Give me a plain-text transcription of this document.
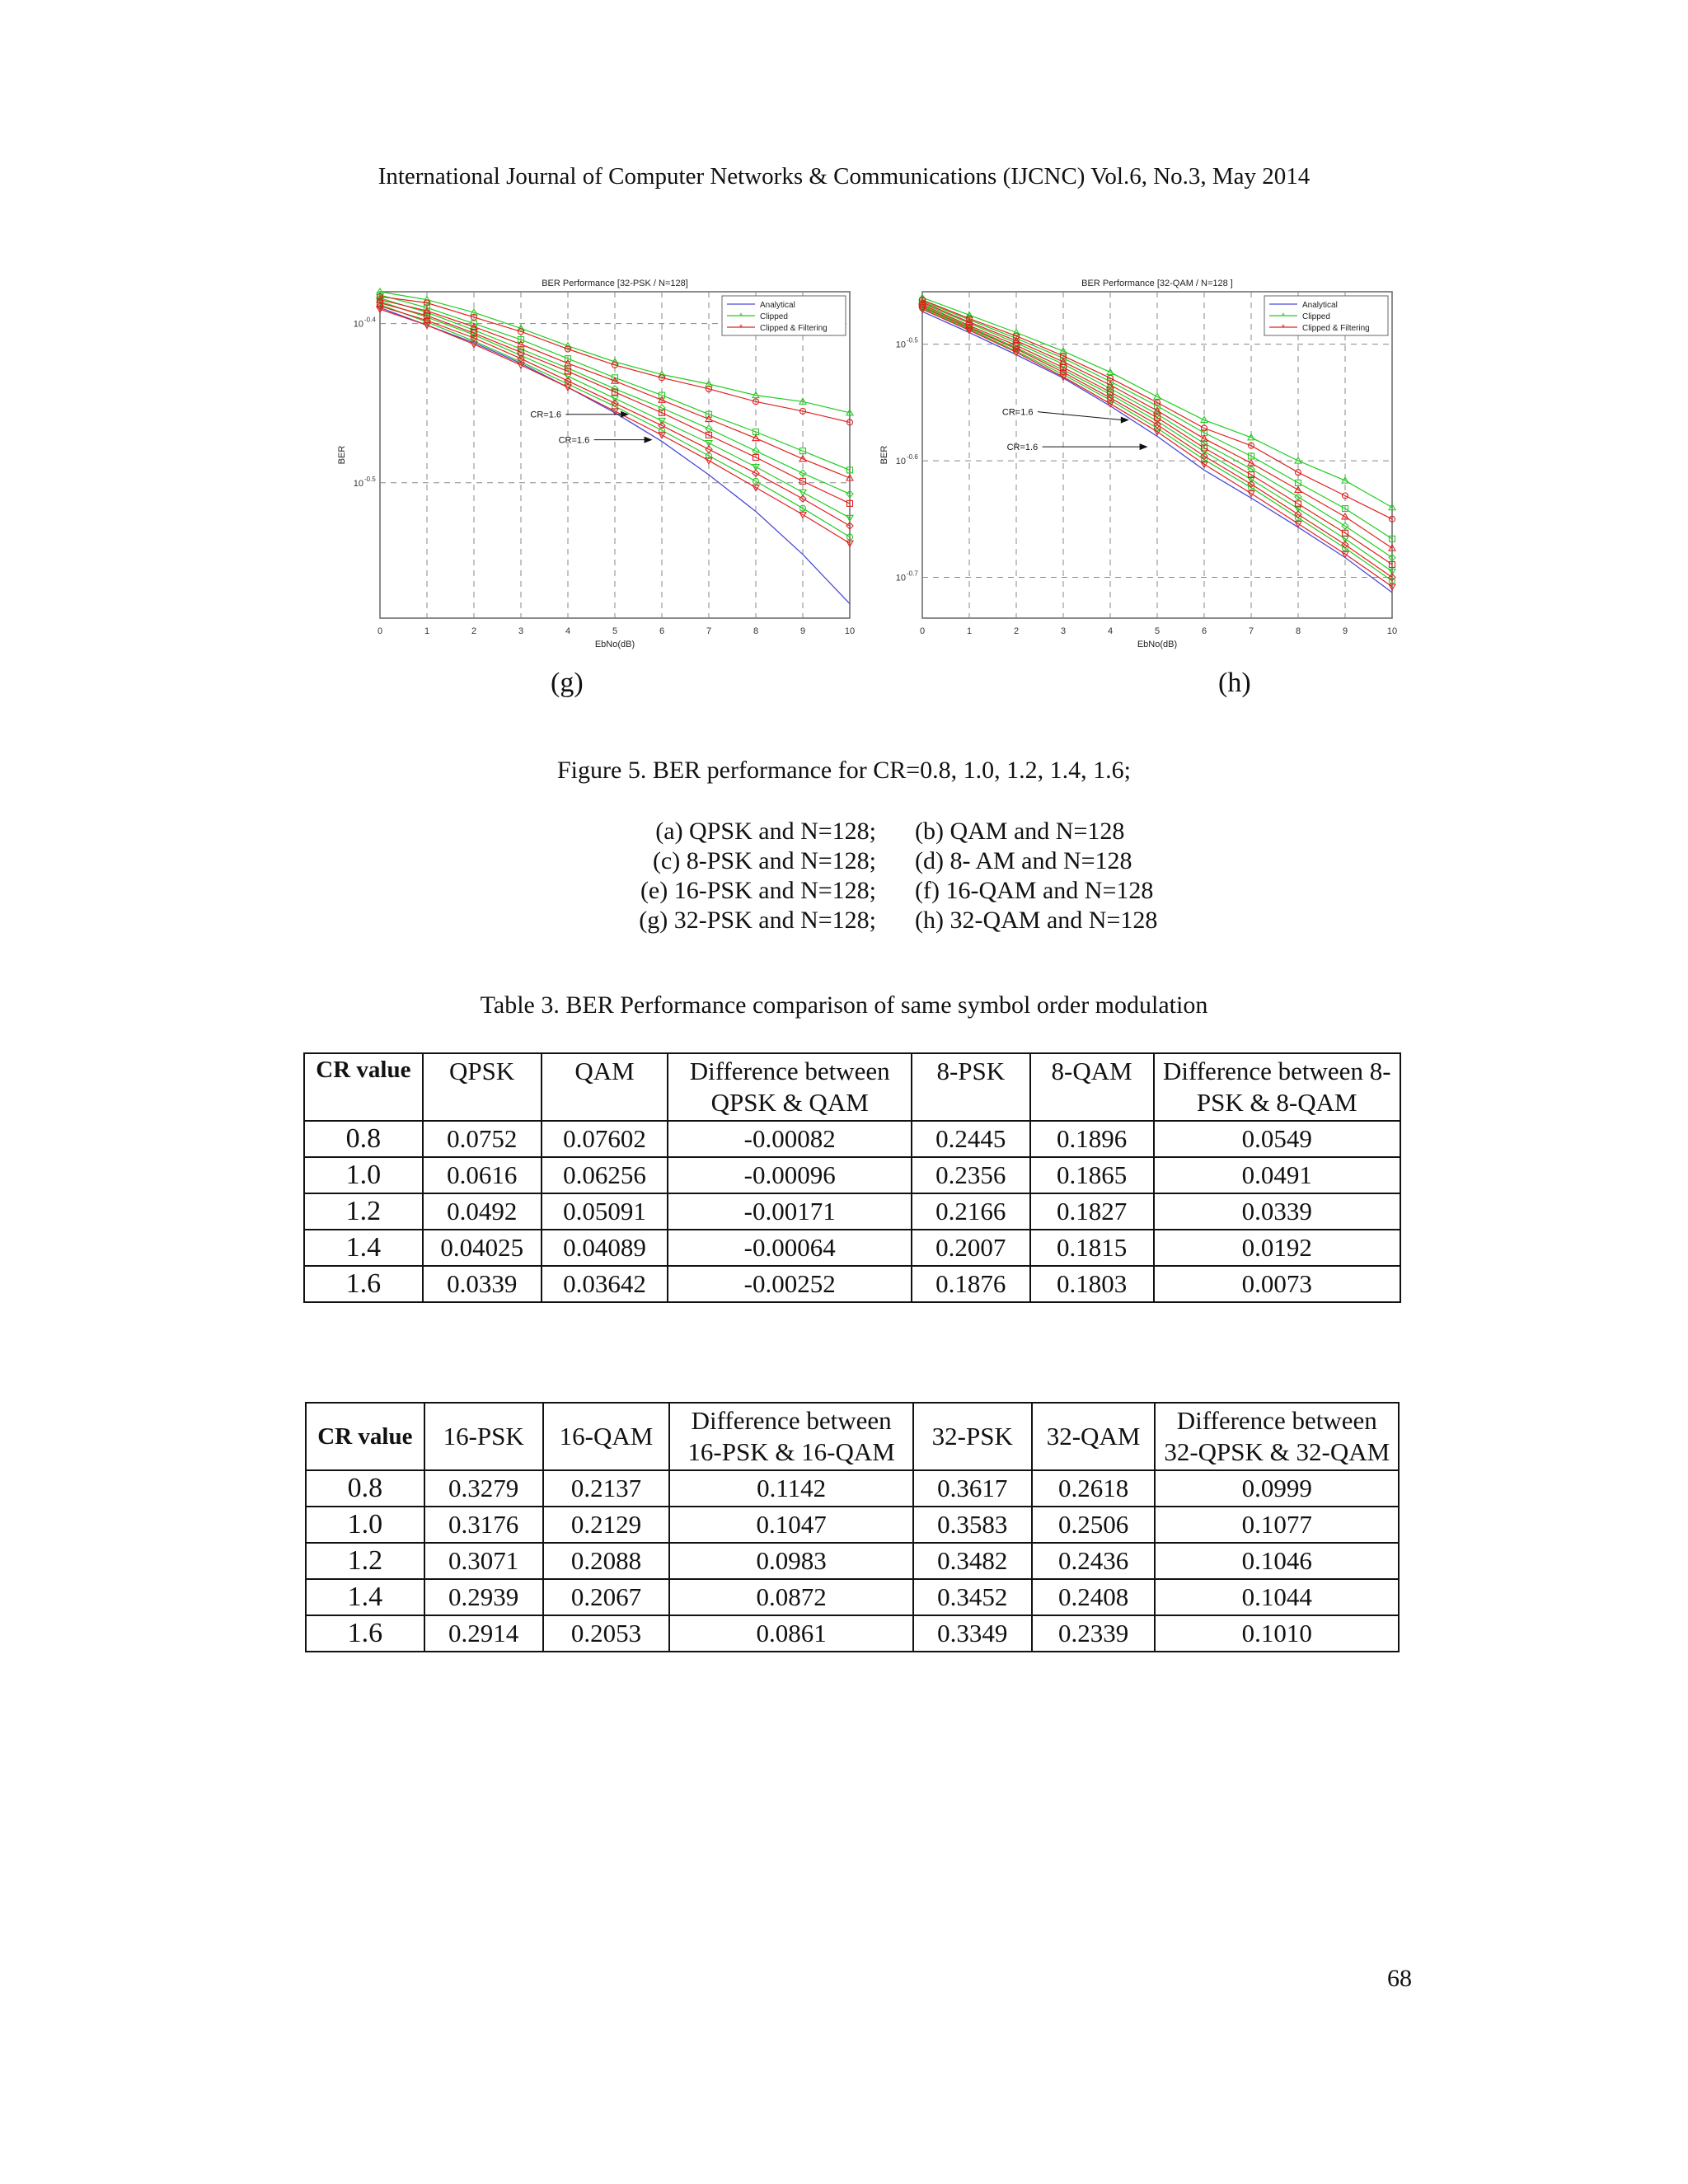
International Journal of Computer Networks & Communications (IJCNC) Vol.6, No.3, May 2014
0	1	2	3	4	5	6	7	8	9	10
10 -0.4
10 -0.5
BER Performance [32-PSK / N=128]
EbNo(dB)
BER
CR=1.6
CR=1.6
Analytical
* Clipped
* Clipped & Filtering
0	1	2	3	4	5	6	7	8	9	10
10 -0.5
10 -0.6
10 -0.7
BER Performance [32-QAM / N=128 ]
EbNo(dB)
BER
CR=1.6
CR=1.6
Analytical
* Clipped
* Clipped & Filtering
(g)	(h)
Figure 5. BER performance for CR=0.8, 1.0, 1.2, 1.4, 1.6;
(a) QPSK and N=128; (b) QAM and N=128
(c) 8-PSK and N=128; (d) 8- AM and N=128
(e) 16-PSK and N=128; (f) 16-QAM and N=128
(g) 32-PSK and N=128; (h) 32-QAM and N=128
Table 3. BER Performance comparison of same symbol order modulation
CR value	QPSK	QAM	Difference between QPSK & QAM	8-PSK	8-QAM	Difference between 8-PSK & 8-QAM
0.8	0.0752	0.07602	-0.00082	0.2445	0.1896	0.0549
1.0	0.0616	0.06256	-0.00096	0.2356	0.1865	0.0491
1.2	0.0492	0.05091	-0.00171	0.2166	0.1827	0.0339
1.4	0.04025	0.04089	-0.00064	0.2007	0.1815	0.0192
1.6	0.0339	0.03642	-0.00252	0.1876	0.1803	0.0073
CR value	16-PSK	16-QAM	Difference between 16-PSK & 16-QAM	32-PSK	32-QAM	Difference between 32-QPSK & 32-QAM
0.8	0.3279	0.2137	0.1142	0.3617	0.2618	0.0999
1.0	0.3176	0.2129	0.1047	0.3583	0.2506	0.1077
1.2	0.3071	0.2088	0.0983	0.3482	0.2436	0.1046
1.4	0.2939	0.2067	0.0872	0.3452	0.2408	0.1044
1.6	0.2914	0.2053	0.0861	0.3349	0.2339	0.1010
68
